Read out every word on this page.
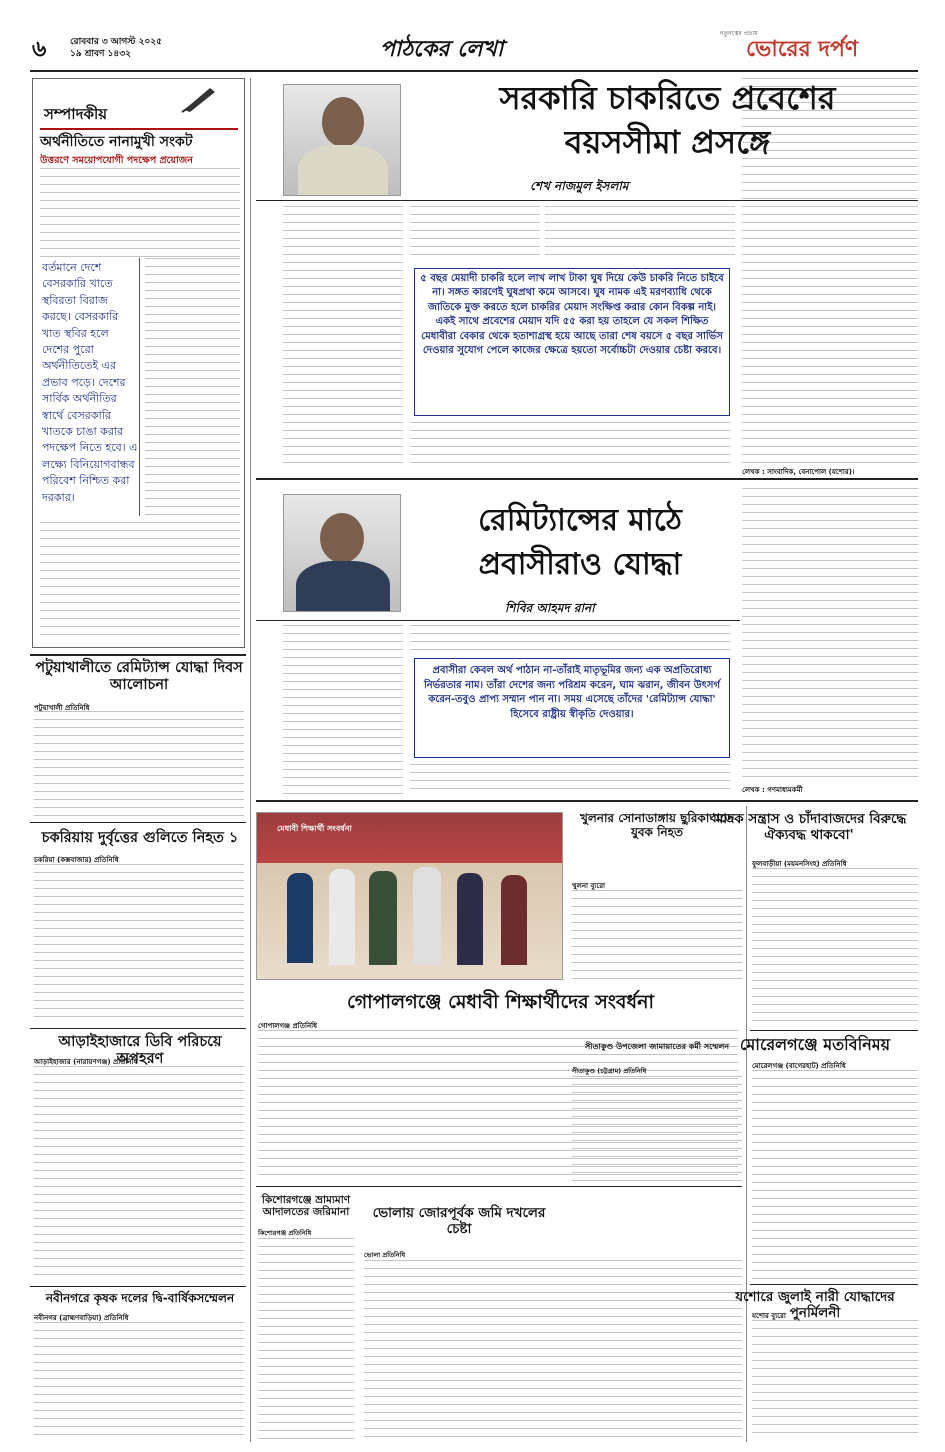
৬	রোববার ৩ আগস্ট ২০২৫
১৯ শ্রাবণ ১৪৩২	পাঠকের লেখা
নতুনত্বের প্রত্যয়
ভোরের দর্পণ
সম্পাদকীয়
অর্থনীতিতে নানামুখী সংকট
উত্তরণে সময়োপযোগী পদক্ষেপ প্রয়োজন
বর্তমানে দেশে বেসরকারি খাতে স্থবিরতা বিরাজ করছে। বেসরকারি খাত স্থবির হলে দেশের পুরো অর্থনীতিতেই এর প্রভাব পড়ে। দেশের সার্বিক অর্থনীতির স্বার্থে বেসরকারি খাতকে চাঙা করার পদক্ষেপ নিতে হবে। এ লক্ষ্যে বিনিয়োগবান্ধব পরিবেশ নিশ্চিত করা দরকার।
সরকারি চাকরিতে প্রবেশের
বয়সসীমা প্রসঙ্গে
শেখ নাজমুল ইসলাম
৫ বছর মেয়াদী চাকরি হলে লাখ লাখ টাকা ঘুষ দিয়ে কেউ চাকরি নিতে চাইবে না। সঙ্গত কারণেই ঘুষপ্রথা কমে আসবে। ঘুষ নামক এই মরণব্যাধি থেকে জাতিকে মুক্ত করতে হলে চাকরির মেয়াদ সংক্ষিপ্ত করার কোন বিকল্প নাই। একই সাথে প্রবেশের মেয়াদ যদি ৫৫ করা হয় তাহলে যে সকল শিক্ষিত মেধাবীরা বেকার থেকে হতাশাগ্রস্থ হয়ে আছে তারা শেষ বয়সে ৫ বছর সার্ভিস দেওয়ার সুযোগ পেলে কাজের ক্ষেত্রে হয়তো সর্বোচ্চটা দেওয়ার চেষ্টা করবে।
লেখক : সাংবাদিক, বেনাপোল (যশোর)।
রেমিট্যান্সের মাঠে
প্রবাসীরাও যোদ্ধা
শিবির আহমদ রানা
প্রবাসীরা কেবল অর্থ পাঠান না-তাঁরাই মাতৃভূমির জন্য এক অপ্রতিরোধ্য নির্ভরতার নাম। তাঁরা দেশের জন্য পরিশ্রম করেন, ঘাম ঝরান, জীবন উৎসর্গ করেন-তবুও প্রাপ্য সম্মান পান না। সময় এসেছে তাঁদের 'রেমিট্যান্স যোদ্ধা' হিসেবে রাষ্ট্রীয় স্বীকৃতি দেওয়ার।
লেখক : গণমাধ্যমকর্মী
পটুয়াখালীতে রেমিট্যান্স যোদ্ধা দিবস আলোচনা
পটুয়াখালী প্রতিনিধি
চকরিয়ায় দুর্বৃত্তের গুলিতে নিহত ১
চকরিয়া (কক্সবাজার) প্রতিনিধি
আড়াইহাজারে ডিবি পরিচয়ে অপহরণ
আড়াইহাজার (নারায়ণগঞ্জ) প্রতিনিধি
নবীনগরে কৃষক দলের দ্বি-বার্ষিকসম্মেলন
নবীনগর (ব্রাহ্মণবাড়িয়া) প্রতিনিধি
মেধাবী শিক্ষার্থী সংবর্ধনা
গোপালগঞ্জে মেধাবী শিক্ষার্থীদের সংবর্ধনা
গোপালগঞ্জ প্রতিনিধি
খুলনার সোনাডাঙ্গায় ছুরিকাঘাতে যুবক নিহত
খুলনা ব্যুরো
কিশোরগঞ্জে ভ্রাম্যমাণ আদালতের জরিমানা
কিশোরগঞ্জ প্রতিনিধি
ভোলায় জোরপূর্বক জমি দখলের চেষ্টা
ভোলা প্রতিনিধি
সীতাকুণ্ড উপজেলা জামায়াতের কর্মী সম্মেলন
সীতাকুণ্ড (চট্টগ্রাম) প্রতিনিধি
'মাদক সন্ত্রাস ও চাঁদাবাজদের বিরুদ্ধে ঐক্যবদ্ধ থাকবো'
ফুলবাড়ীয়া (ময়মনসিংহ) প্রতিনিধি
মোরেলগঞ্জে মতবিনিময়
মোরেলগঞ্জ (বাগেরহাট) প্রতিনিধি
যশোরে জুলাই নারী যোদ্ধাদের পুনর্মিলনী
যশোর ব্যুরো
